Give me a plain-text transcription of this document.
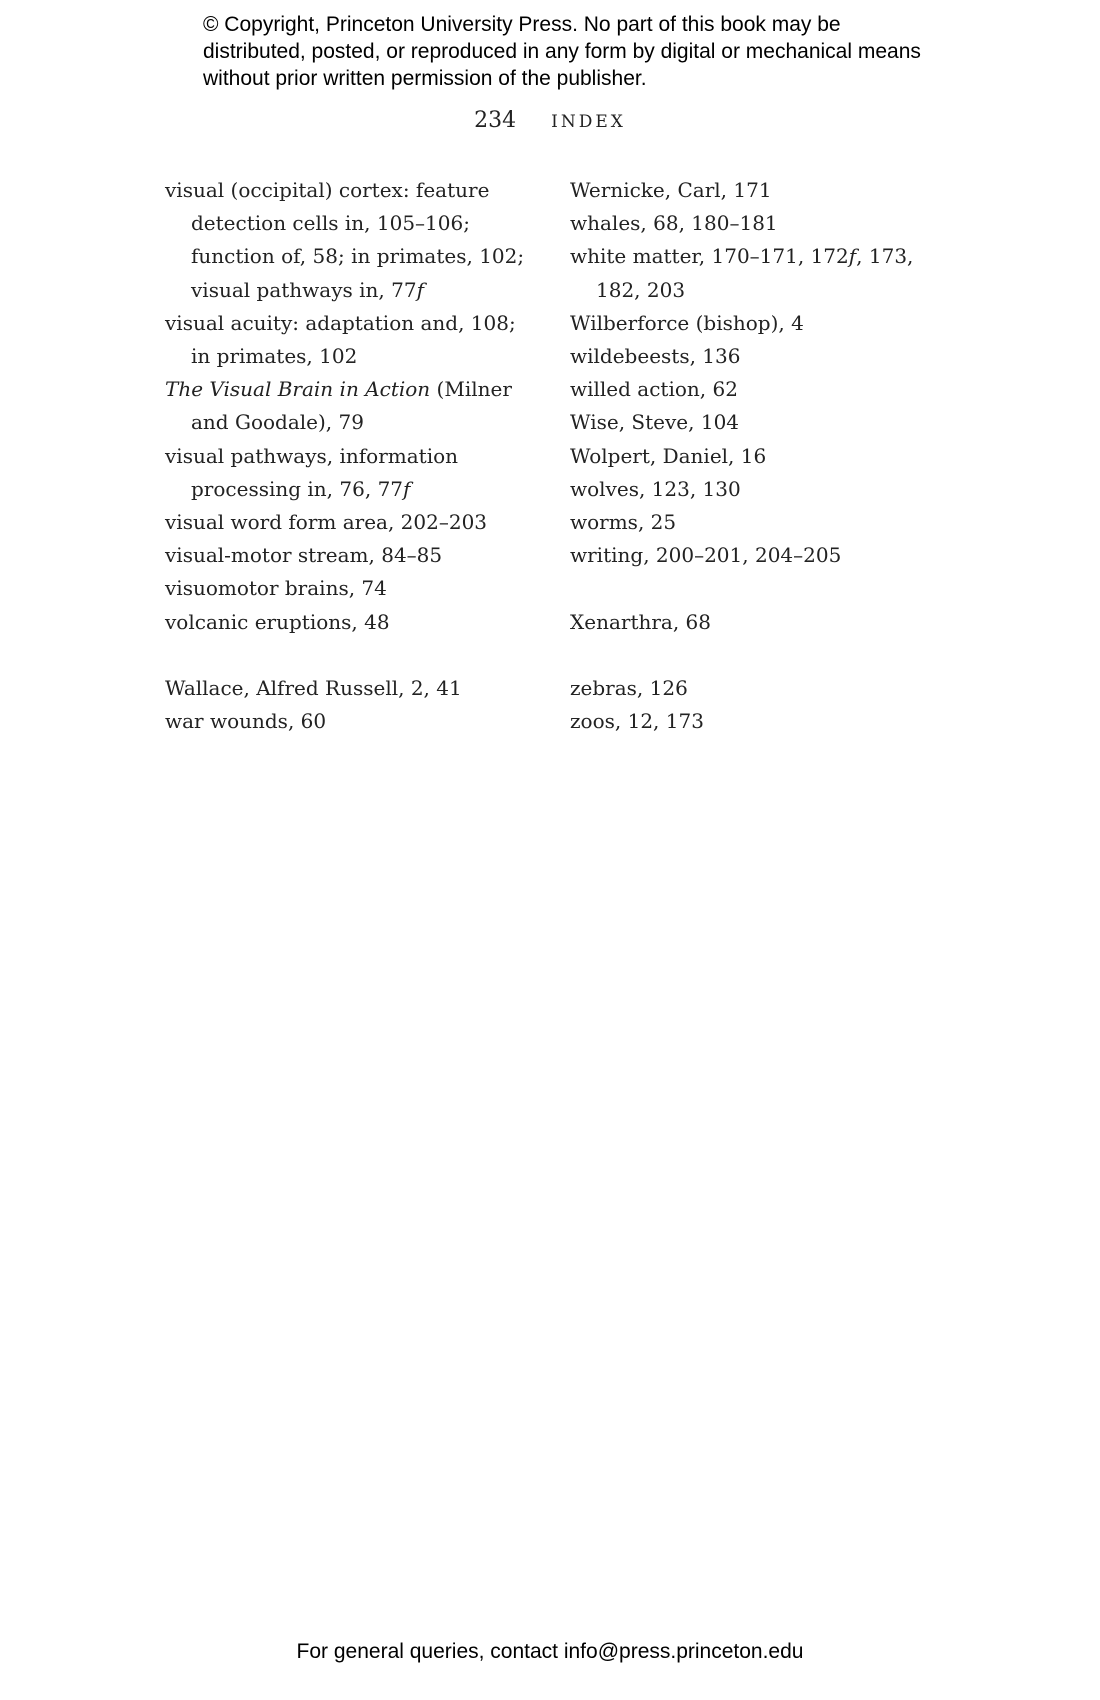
© Copyright, Princeton University Press. No part of this book may be distributed, posted, or reproduced in any form by digital or mechanical means without prior written permission of the publisher.
234 INDEX

visual (occipital) cortex: feature detection cells in, 105–106; function of, 58; in primates, 102; visual pathways in, 77f

visual acuity: adaptation and, 108; in primates, 102

The Visual Brain in Action (Milner and Goodale), 79

visual pathways, information processing in, 76, 77f

visual word form area, 202–203

visual-motor stream, 84–85

visuomotor brains, 74

volcanic eruptions, 48

Wallace, Alfred Russell, 2, 41

war wounds, 60

Wernicke, Carl, 171

whales, 68, 180–181

white matter, 170–171, 172f, 173, 182, 203

Wilberforce (bishop), 4

wildebeests, 136

willed action, 62

Wise, Steve, 104

Wolpert, Daniel, 16

wolves, 123, 130

worms, 25

writing, 200–201, 204–205

Xenarthra, 68

zebras, 126

zoos, 12, 173

For general queries, contact info@press.princeton.edu
